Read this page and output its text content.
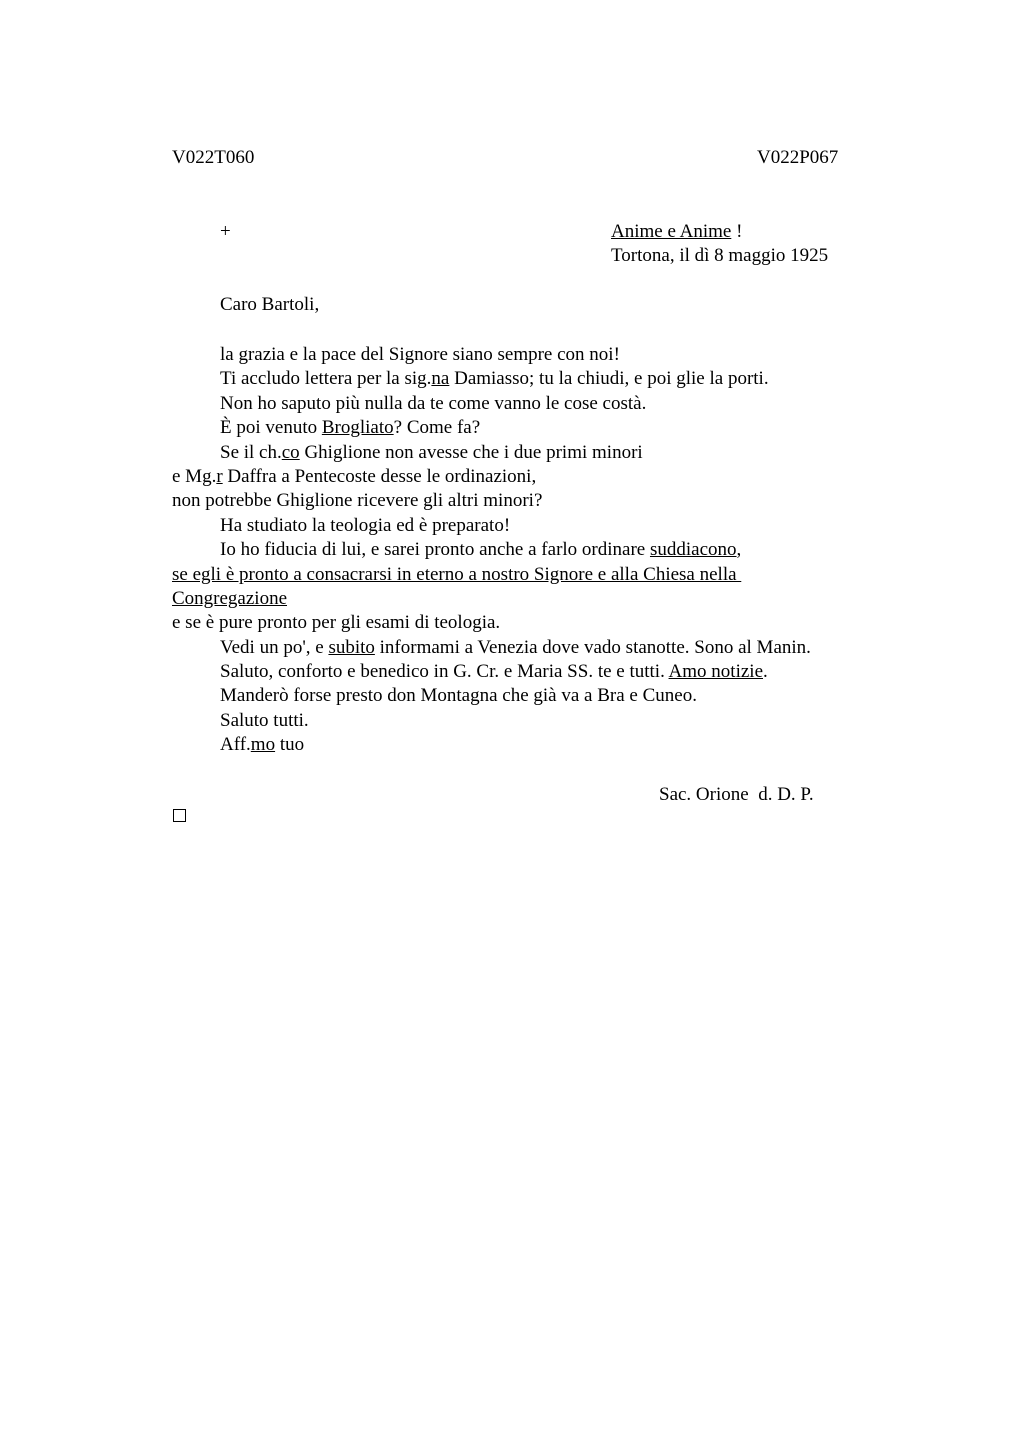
V022T060	V022P067
+	Anime e Anime !
Tortona, il dì 8 maggio 1925
Caro Bartoli,
la grazia e la pace del Signore siano sempre con noi!
Ti accludo lettera per la sig.na Damiasso; tu la chiudi, e poi glie la porti.
Non ho saputo più nulla da te come vanno le cose costà.
È poi venuto Brogliato? Come fa?
Se il ch.co Ghiglione non avesse che i due primi minori
e Mg.r Daffra a Pentecoste desse le ordinazioni,
non potrebbe Ghiglione ricevere gli altri minori?
Ha studiato la teologia ed è preparato!
Io ho fiducia di lui, e sarei pronto anche a farlo ordinare suddiacono,
se egli è pronto a consacrarsi in eterno a nostro Signore e alla Chiesa nella
Congregazione
e se è pure pronto per gli esami di teologia.
Vedi un po', e subito informami a Venezia dove vado stanotte. Sono al Manin.
Saluto, conforto e benedico in G. Cr. e Maria SS. te e tutti. Amo notizie.
Manderò forse presto don Montagna che già va a Bra e Cuneo.
Saluto tutti.
Aff.mo tuo
Sac. Orione  d. D. P.
